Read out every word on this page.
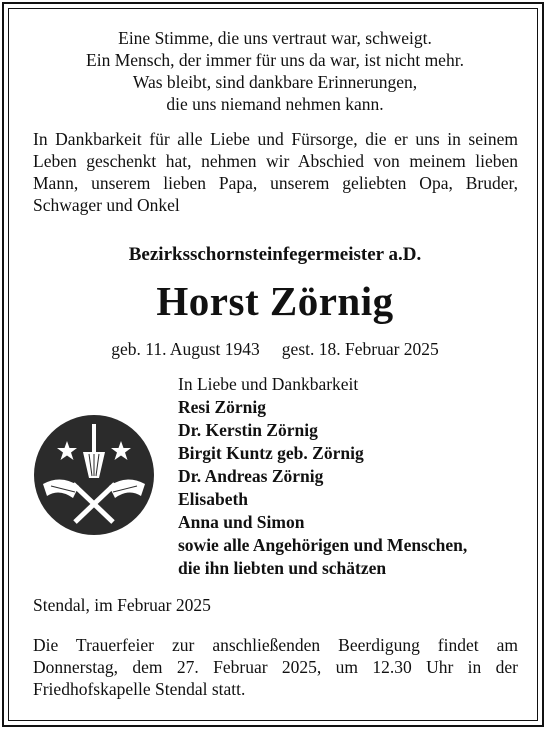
Eine Stimme, die uns vertraut war, schweigt.
Ein Mensch, der immer für uns da war, ist nicht mehr.
Was bleibt, sind dankbare Erinnerungen,
die uns niemand nehmen kann.
In Dankbarkeit für alle Liebe und Fürsorge, die er uns in seinem Leben geschenkt hat, nehmen wir Abschied von meinem lieben Mann, unserem lieben Papa, unserem geliebten Opa, Bruder, Schwager und Onkel
Bezirksschornsteinfegermeister a.D.
Horst Zörnig
geb. 11. August 1943 gest. 18. Februar 2025
In Liebe und Dankbarkeit
Resi Zörnig
Dr. Kerstin Zörnig
Birgit Kuntz geb. Zörnig
Dr. Andreas Zörnig
Elisabeth
Anna und Simon
sowie alle Angehörigen und Menschen,
die ihn liebten und schätzen
Stendal, im Februar 2025
Die Trauerfeier zur anschließenden Beerdigung findet am Donnerstag, dem 27. Februar 2025, um 12.30 Uhr in der Friedhofskapelle Stendal statt.
